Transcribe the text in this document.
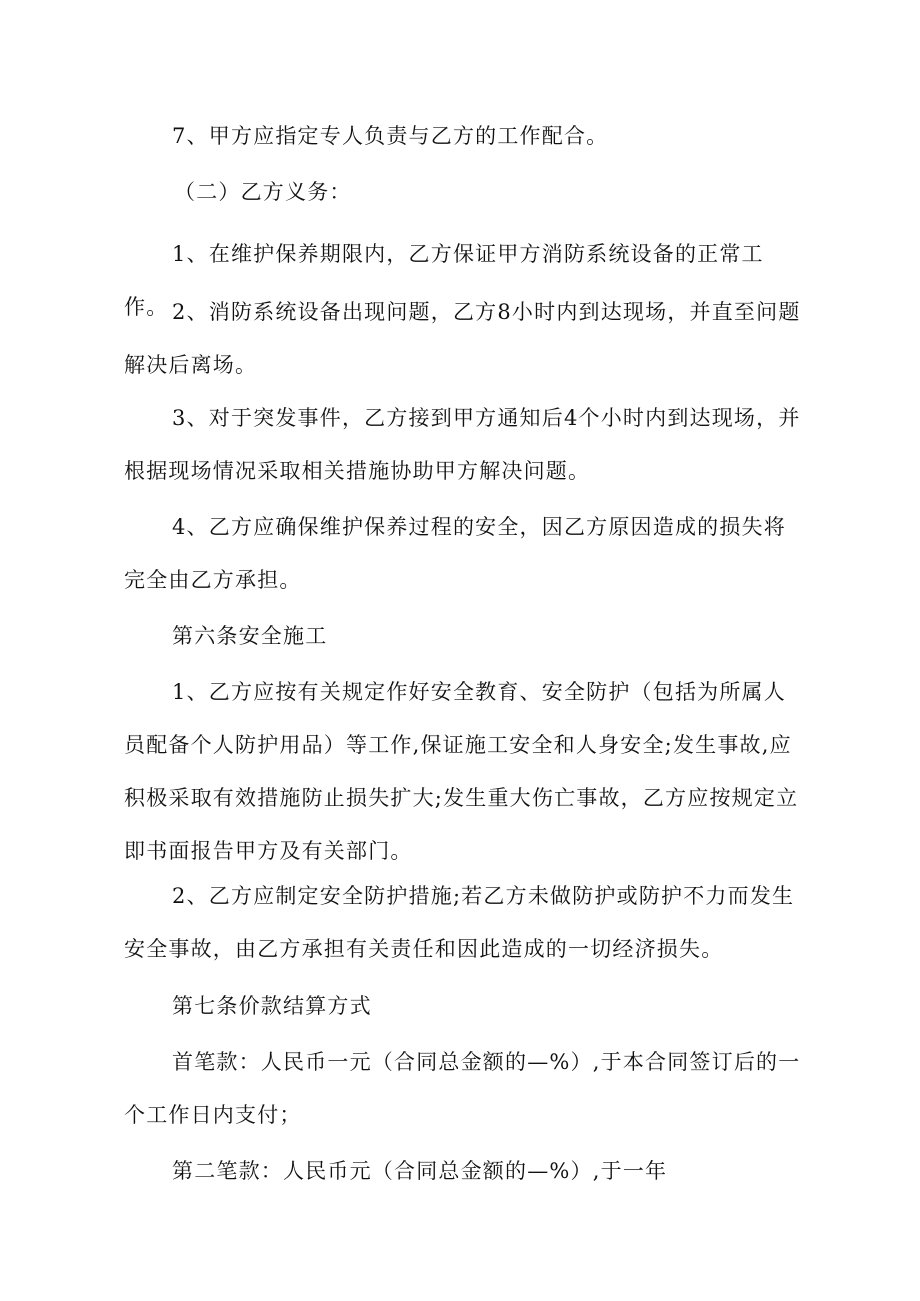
7、甲方应指定专人负责与乙方的工作配合。

（二）乙方义务：

1、在维护保养期限内，乙方保证甲方消防系统设备的正常工作。 2、消防系统设备出现问题，乙方8小时内到达现场，并直至问题解决后离场。

3、对于突发事件，乙方接到甲方通知后4个小时内到达现场，并根据现场情况采取相关措施协助甲方解决问题。

4、乙方应确保维护保养过程的安全，因乙方原因造成的损失将完全由乙方承担。

第六条安全施工

1、乙方应按有关规定作好安全教育、安全防护（包括为所属人员配备个人防护用品）等工作,保证施工安全和人身安全;发生事故,应积极采取有效措施防止损失扩大;发生重大伤亡事故，乙方应按规定立即书面报告甲方及有关部门。

2、乙方应制定安全防护措施;若乙方未做防护或防护不力而发生安全事故，由乙方承担有关责任和因此造成的一切经济损失。

第七条价款结算方式

首笔款：人民币一元（合同总金额的—%）,于本合同签订后的一个工作日内支付；

第二笔款：人民币元（合同总金额的—%）,于一年
